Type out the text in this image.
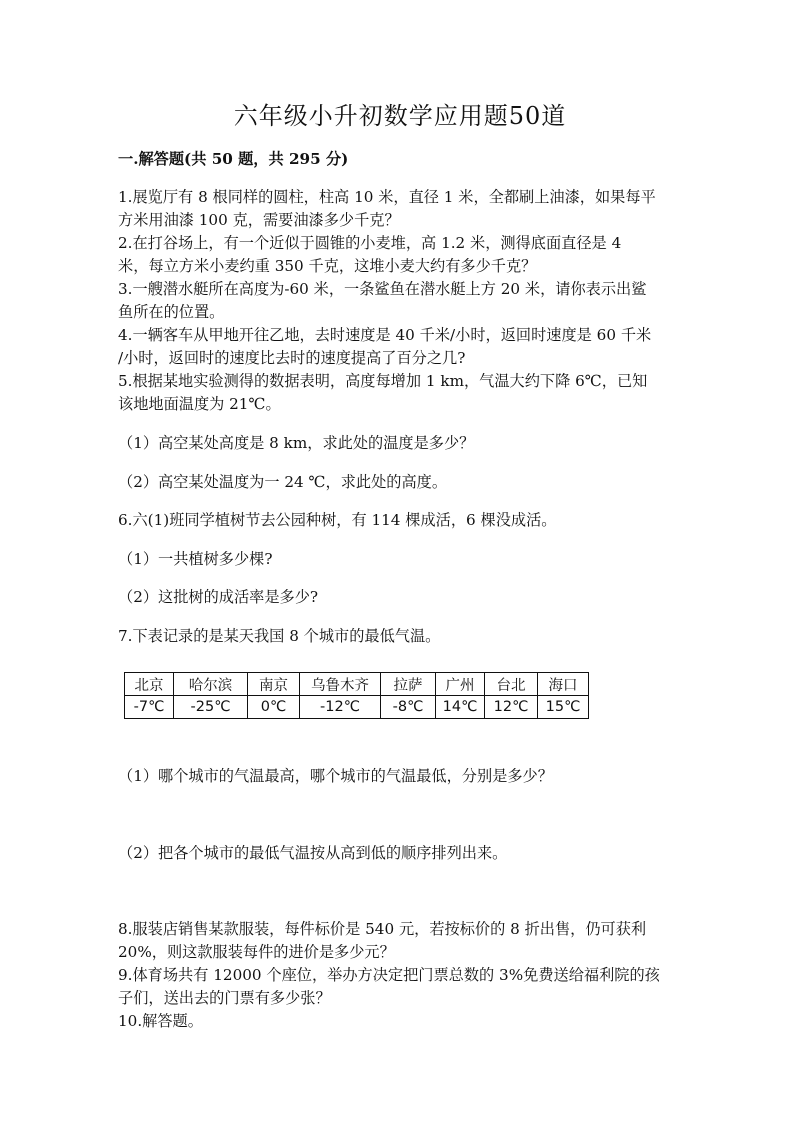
六年级小升初数学应用题50道
一.解答题(共 50 题，共 295 分)
1.展览厅有 8 根同样的圆柱，柱高 10 米，直径 1 米，全都刷上油漆，如果每平
方米用油漆 100 克，需要油漆多少千克？
2.在打谷场上，有一个近似于圆锥的小麦堆，高 1.2 米，测得底面直径是 4
米，每立方米小麦约重 350 千克，这堆小麦大约有多少千克？
3.一艘潜水艇所在高度为-60 米，一条鲨鱼在潜水艇上方 20 米，请你表示出鲨
鱼所在的位置。
4.一辆客车从甲地开往乙地，去时速度是 40 千米/小时，返回时速度是 60 千米
/小时，返回时的速度比去时的速度提高了百分之几?
5.根据某地实验测得的数据表明，高度每增加 1 km，气温大约下降 6℃，已知
该地地面温度为 21℃。
（1）高空某处高度是 8 km，求此处的温度是多少？
（2）高空某处温度为一 24 ℃，求此处的高度。
6.六(1)班同学植树节去公园种树，有 114 棵成活，6 棵没成活。
（1）一共植树多少棵?
（2）这批树的成活率是多少?
7.下表记录的是某天我国 8 个城市的最低气温。
北京	哈尔滨	南京	乌鲁木齐	拉萨	广州	台北	海口
-7℃	-25℃	0℃	-12℃	-8℃	14℃	12℃	15℃
（1）哪个城市的气温最高，哪个城市的气温最低，分别是多少？
（2）把各个城市的最低气温按从高到低的顺序排列出来。
8.服装店销售某款服装，每件标价是 540 元，若按标价的 8 折出售，仍可获利
20%，则这款服装每件的进价是多少元？
9.体育场共有 12000 个座位，举办方决定把门票总数的 3%免费送给福利院的孩
子们，送出去的门票有多少张？
10.解答题。
